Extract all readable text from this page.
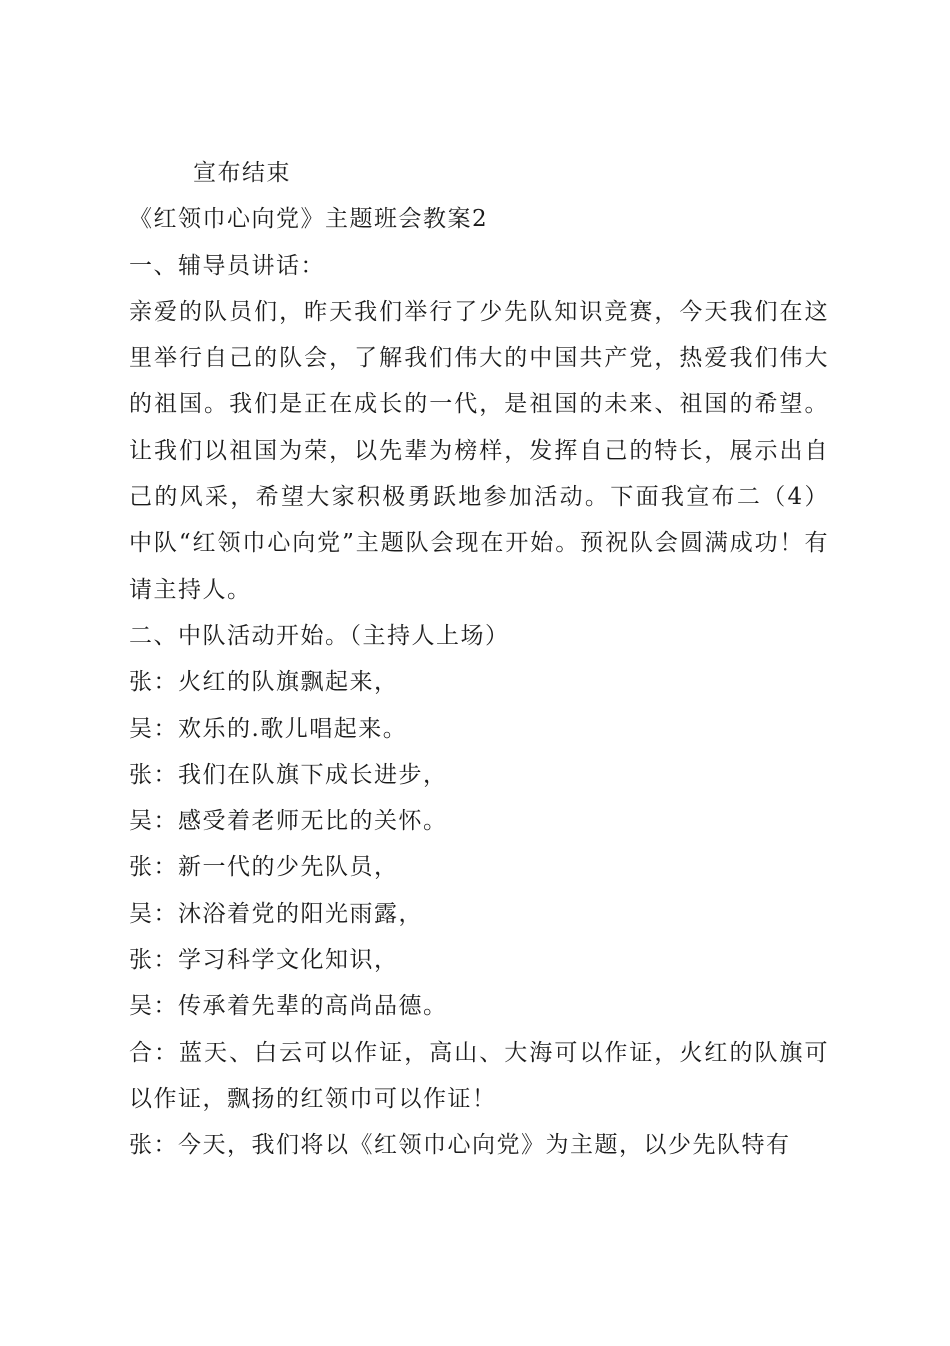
宣布结束

《红领巾心向党》主题班会教案2

一、辅导员讲话：

亲爱的队员们，昨天我们举行了少先队知识竞赛，今天我们在这里举行自己的队会，了解我们伟大的中国共产党，热爱我们伟大的祖国。我们是正在成长的一代，是祖国的未来、祖国的希望。让我们以祖国为荣，以先辈为榜样，发挥自己的特长，展示出自己的风采，希望大家积极勇跃地参加活动。下面我宣布二（4）中队“红领巾心向党”主题队会现在开始。预祝队会圆满成功！有请主持人。

二、中队活动开始。（主持人上场）

张：火红的队旗飘起来，

吴：欢乐的.歌儿唱起来。

张：我们在队旗下成长进步，

吴：感受着老师无比的关怀。

张：新一代的少先队员，

吴：沐浴着党的阳光雨露，

张：学习科学文化知识，

吴：传承着先辈的高尚品德。

合：蓝天、白云可以作证，高山、大海可以作证，火红的队旗可以作证，飘扬的红领巾可以作证！

张：今天，我们将以《红领巾心向党》为主题，以少先队特有
